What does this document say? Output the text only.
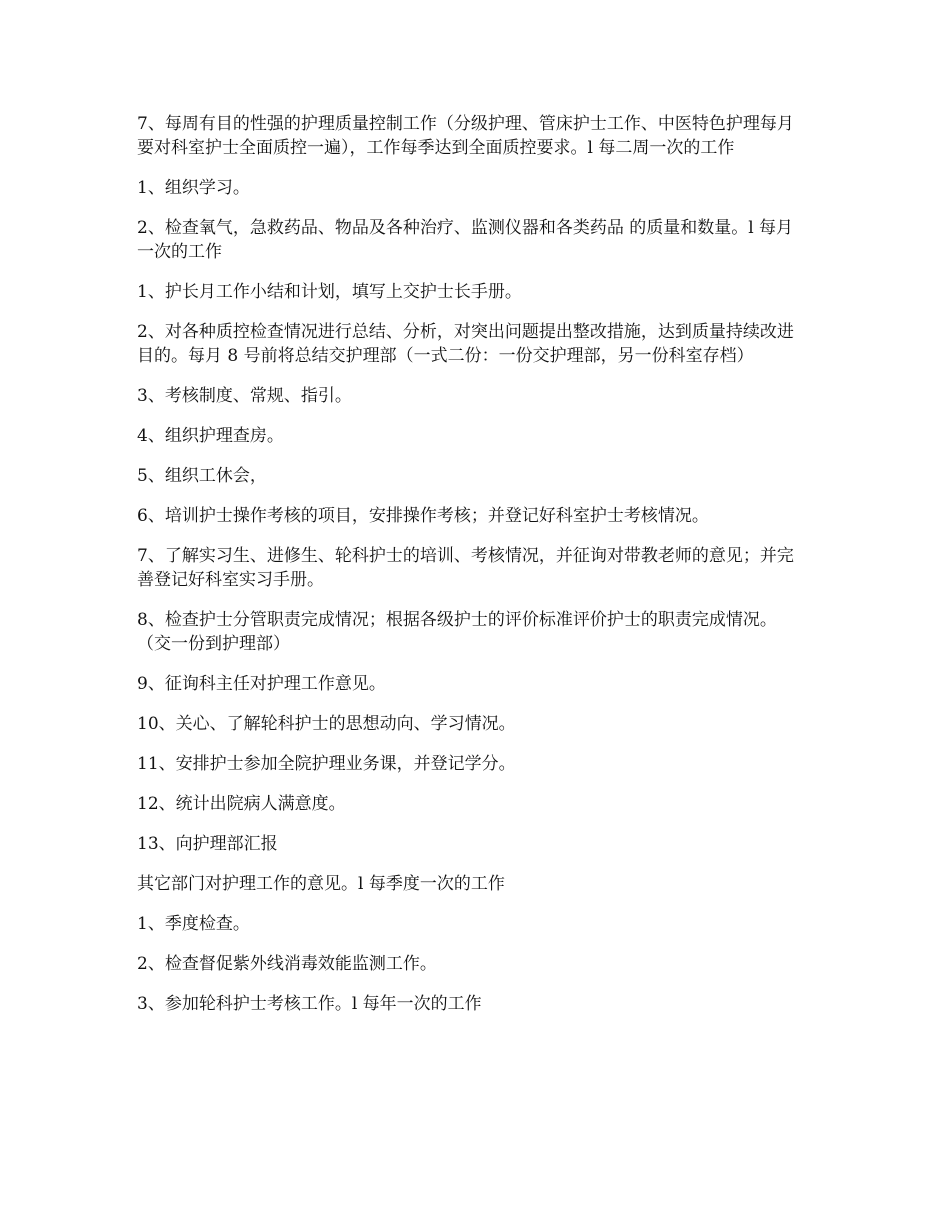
7、每周有目的性强的护理质量控制工作（分级护理、管床护士工作、中医特色护理每月要对科室护士全面质控一遍），工作每季达到全面质控要求。l 每二周一次的工作

1、组织学习。

2、检查氧气，急救药品、物品及各种治疗、监测仪器和各类药品 的质量和数量。l 每月一次的工作

1、护长月工作小结和计划，填写上交护士长手册。

2、对各种质控检查情况进行总结、分析，对突出问题提出整改措施，达到质量持续改进目的。每月 8 号前将总结交护理部（一式二份：一份交护理部，另一份科室存档）

3、考核制度、常规、指引。

4、组织护理查房。

5、组织工休会，

6、培训护士操作考核的项目，安排操作考核；并登记好科室护士考核情况。

7、了解实习生、进修生、轮科护士的培训、考核情况，并征询对带教老师的意见；并完善登记好科室实习手册。

8、检查护士分管职责完成情况；根据各级护士的评价标准评价护士的职责完成情况。（交一份到护理部）

9、征询科主任对护理工作意见。

10、关心、了解轮科护士的思想动向、学习情况。

11、安排护士参加全院护理业务课，并登记学分。

12、统计出院病人满意度。

13、向护理部汇报

其它部门对护理工作的意见。l 每季度一次的工作

1、季度检查。

2、检查督促紫外线消毒效能监测工作。

3、参加轮科护士考核工作。l 每年一次的工作
